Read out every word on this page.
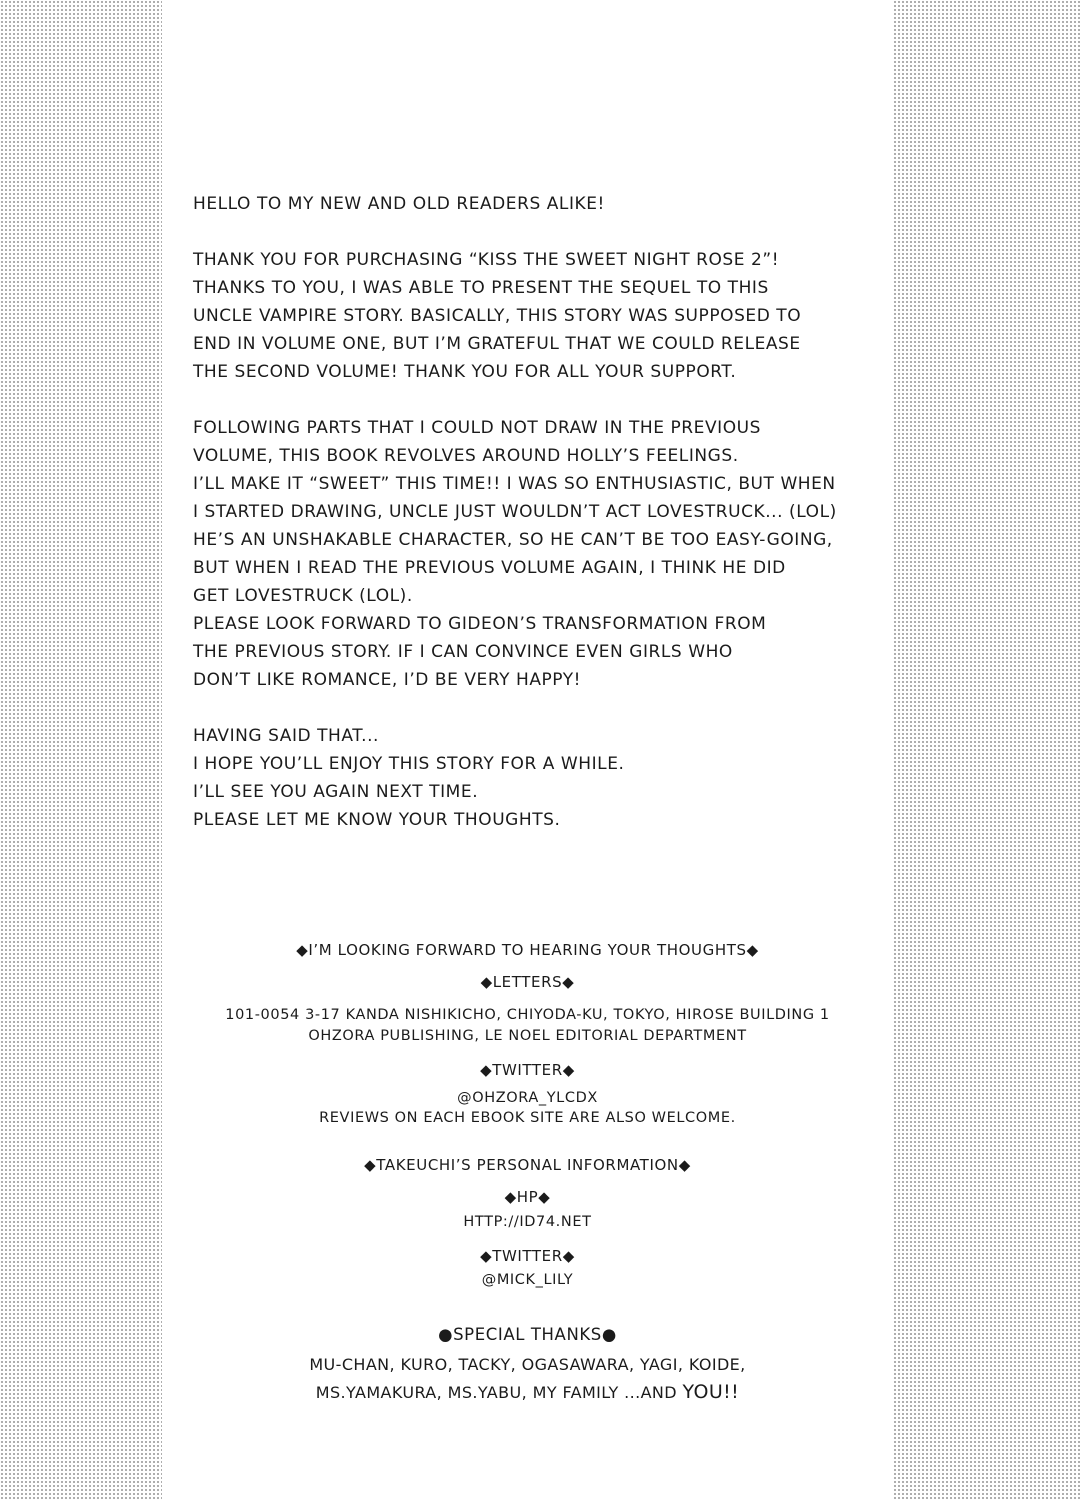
HELLO TO MY NEW AND OLD READERS ALIKE!
THANK YOU FOR PURCHASING “KISS THE SWEET NIGHT ROSE 2”!
THANKS TO YOU, I WAS ABLE TO PRESENT THE SEQUEL TO THIS
UNCLE VAMPIRE STORY. BASICALLY, THIS STORY WAS SUPPOSED TO
END IN VOLUME ONE, BUT I’M GRATEFUL THAT WE COULD RELEASE
THE SECOND VOLUME! THANK YOU FOR ALL YOUR SUPPORT.
FOLLOWING PARTS THAT I COULD NOT DRAW IN THE PREVIOUS
VOLUME, THIS BOOK REVOLVES AROUND HOLLY’S FEELINGS.
I’LL MAKE IT “SWEET” THIS TIME!! I WAS SO ENTHUSIASTIC, BUT WHEN
I STARTED DRAWING, UNCLE JUST WOULDN’T ACT LOVESTRUCK... (LOL)
HE’S AN UNSHAKABLE CHARACTER, SO HE CAN’T BE TOO EASY-GOING,
BUT WHEN I READ THE PREVIOUS VOLUME AGAIN, I THINK HE DID
GET LOVESTRUCK (LOL).
PLEASE LOOK FORWARD TO GIDEON’S TRANSFORMATION FROM
THE PREVIOUS STORY. IF I CAN CONVINCE EVEN GIRLS WHO
DON’T LIKE ROMANCE, I’D BE VERY HAPPY!
HAVING SAID THAT...
I HOPE YOU’LL ENJOY THIS STORY FOR A WHILE.
I’LL SEE YOU AGAIN NEXT TIME.
PLEASE LET ME KNOW YOUR THOUGHTS.
◆I’M LOOKING FORWARD TO HEARING YOUR THOUGHTS◆
◆LETTERS◆
101-0054 3-17 KANDA NISHIKICHO, CHIYODA-KU, TOKYO, HIROSE BUILDING 1
OHZORA PUBLISHING, LE NOEL EDITORIAL DEPARTMENT
◆TWITTER◆
@OHZORA_YLCDX
REVIEWS ON EACH EBOOK SITE ARE ALSO WELCOME.
◆TAKEUCHI’S PERSONAL INFORMATION◆
◆HP◆
HTTP://ID74.NET
◆TWITTER◆
@MICK_LILY
●SPECIAL THANKS●
MU-CHAN, KURO, TACKY, OGASAWARA, YAGI, KOIDE,
MS.YAMAKURA, MS.YABU, MY FAMILY ...AND YOU!!
